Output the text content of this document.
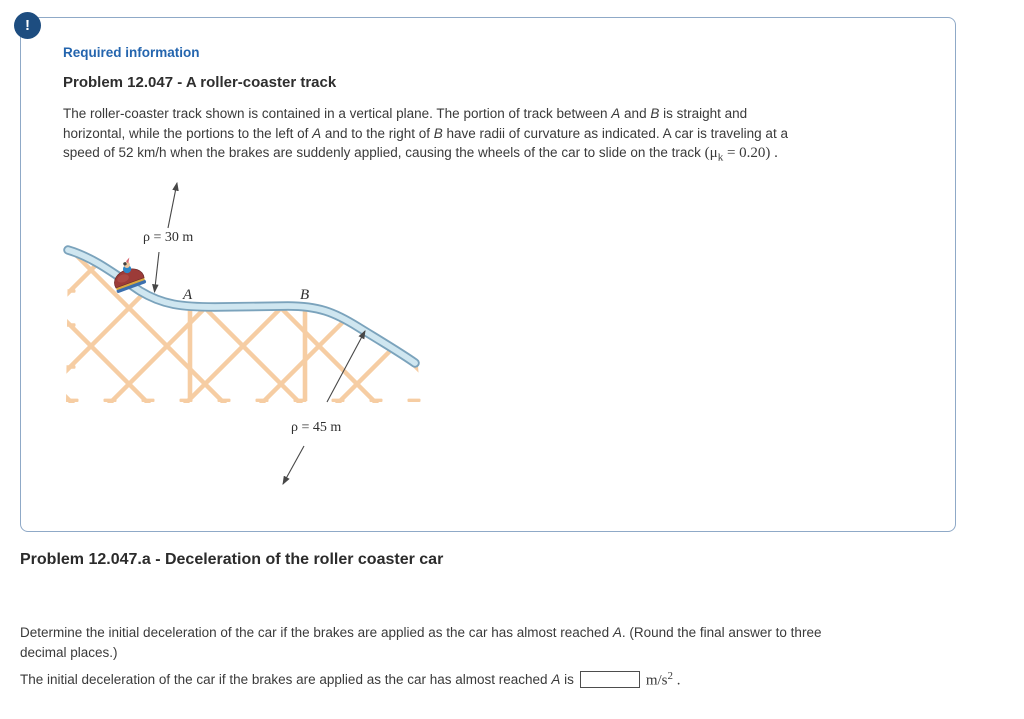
!
Required information
Problem 12.047 - A roller-coaster track
The roller-coaster track shown is contained in a vertical plane. The portion of track between A and B is straight and
horizontal, while the portions to the left of A and to the right of B have radii of curvature as indicated. A car is traveling at a
speed of 52 km/h when the brakes are suddenly applied, causing the wheels of the car to slide on the track $(\mu_k = 0.20)$ .
ρ = 30 m
ρ = 45 m
A	B
Problem 12.047.a - Deceleration of the roller coaster car
Determine the initial deceleration of the car if the brakes are applied as the car has almost reached A. (Round the final answer to three
decimal places.)
The initial deceleration of the car if the brakes are applied as the car has almost reached A is	$m/s^2$ .
